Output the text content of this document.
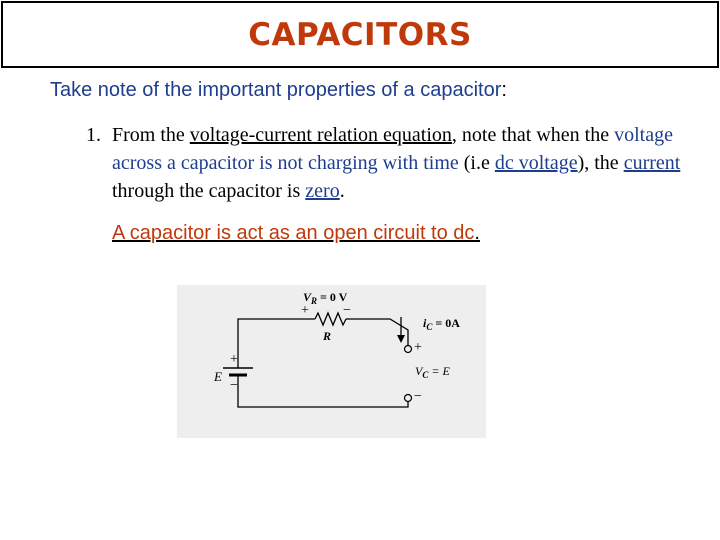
CAPACITORS
Take note of the important properties of a capacitor:
1. From the voltage-current relation equation, note that when the voltage across a capacitor is not charging with time (i.e dc voltage), the current through the capacitor is zero.
A capacitor is act as an open circuit to dc.
$V_R = 0$ V
+ −
R
$i_C = 0A$
+
$V_C = E$
−
+
E
−
